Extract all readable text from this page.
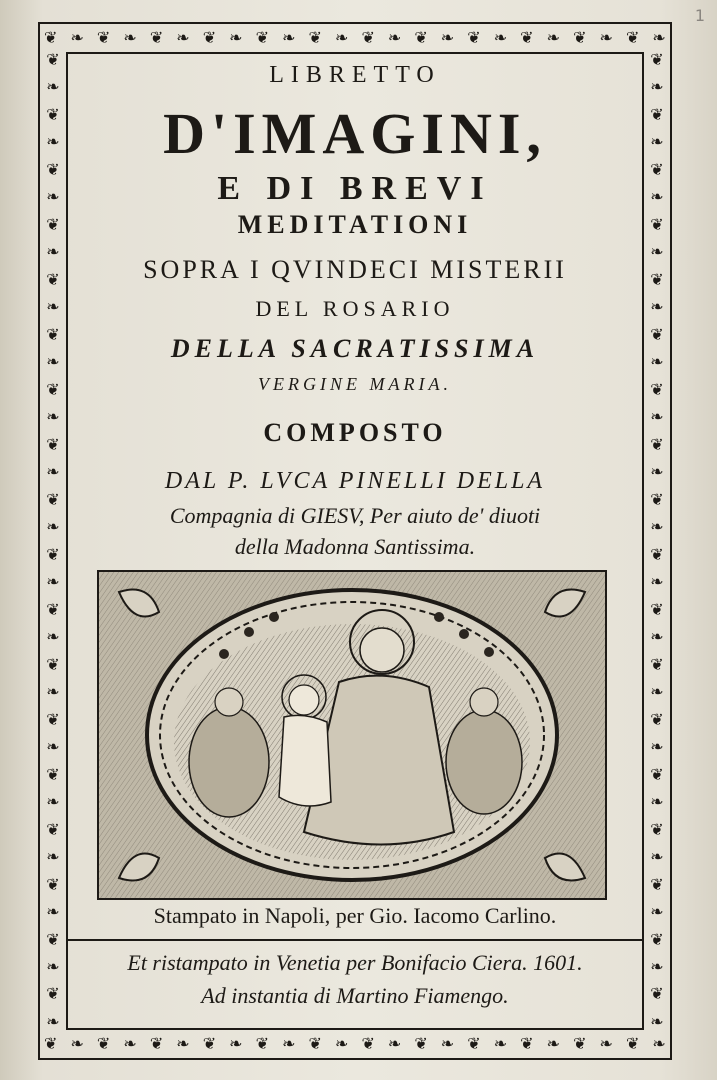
1
❦ ❧ ❦ ❧ ❦ ❧ ❦ ❧ ❦ ❧ ❦ ❧ ❦ ❧ ❦ ❧ ❦ ❧ ❦ ❧ ❦ ❧ ❦ ❧
❦ ❧ ❦ ❧ ❦ ❧ ❦ ❧ ❦ ❧ ❦ ❧ ❦ ❧ ❦ ❧ ❦ ❧ ❦ ❧ ❦ ❧ ❦ ❧
❦
❧
❦
❧
❦
❧
❦
❧
❦
❧
❦
❧
❦
❧
❦
❧
❦
❧
❦
❧
❦
❧
❦
❧
❦
❧
❦
❧
❦
❧
❦
❧
❦
❧
❦
❧
❦
❧
❦
❧
❦
❧
❦
❧
❦
❧
❦
❧
❦
❧
❦
❧
❦
❧
❦
❧
❦
❧
❦
❧
❦
❧
❦
❧
❦
❧
❦
❧
❦
❧
❦
❧
LIBRETTO
D'IMAGINI,
E DI BREVI
MEDITATIONI
SOPRA I QVINDECI MISTERII
DEL ROSARIO
DELLA SACRATISSIMA
VERGINE MARIA.
COMPOSTO
DAL P. LVCA PINELLI DELLA
Compagnia di GIESV, Per aiuto de' diuoti
della Madonna Santissima.
Stampato in Napoli, per Gio. Iacomo Carlino.
Et ristampato in Venetia per Bonifacio Ciera. 1601.
Ad instantia di Martino Fiamengo.
